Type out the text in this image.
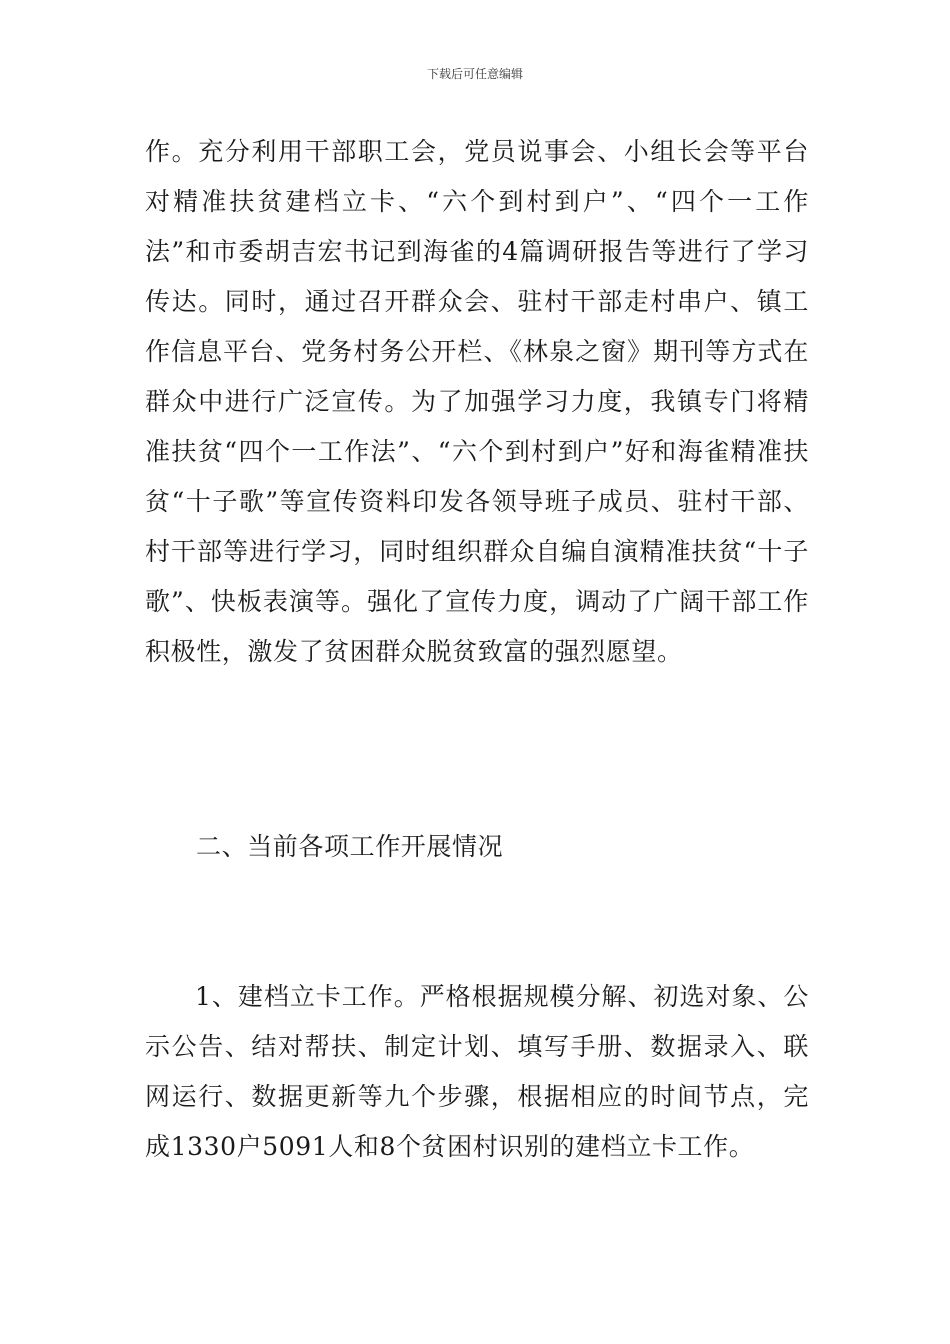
下载后可任意编辑

作。充分利用干部职工会，党员说事会、小组长会等平台对精准扶贫建档立卡、“六个到村到户”、“四个一工作法”和市委胡吉宏书记到海雀的4篇调研报告等进行了学习传达。同时，通过召开群众会、驻村干部走村串户、镇工作信息平台、党务村务公开栏、《林泉之窗》期刊等方式在群众中进行广泛宣传。为了加强学习力度，我镇专门将精准扶贫“四个一工作法”、“六个到村到户”好和海雀精准扶贫“十子歌”等宣传资料印发各领导班子成员、驻村干部、村干部等进行学习，同时组织群众自编自演精准扶贫“十子歌”、快板表演等。强化了宣传力度，调动了广阔干部工作积极性，激发了贫困群众脱贫致富的强烈愿望。

二、当前各项工作开展情况

1、建档立卡工作。严格根据规模分解、初选对象、公示公告、结对帮扶、制定计划、填写手册、数据录入、联网运行、数据更新等九个步骤，根据相应的时间节点，完成1330户5091人和8个贫困村识别的建档立卡工作。
